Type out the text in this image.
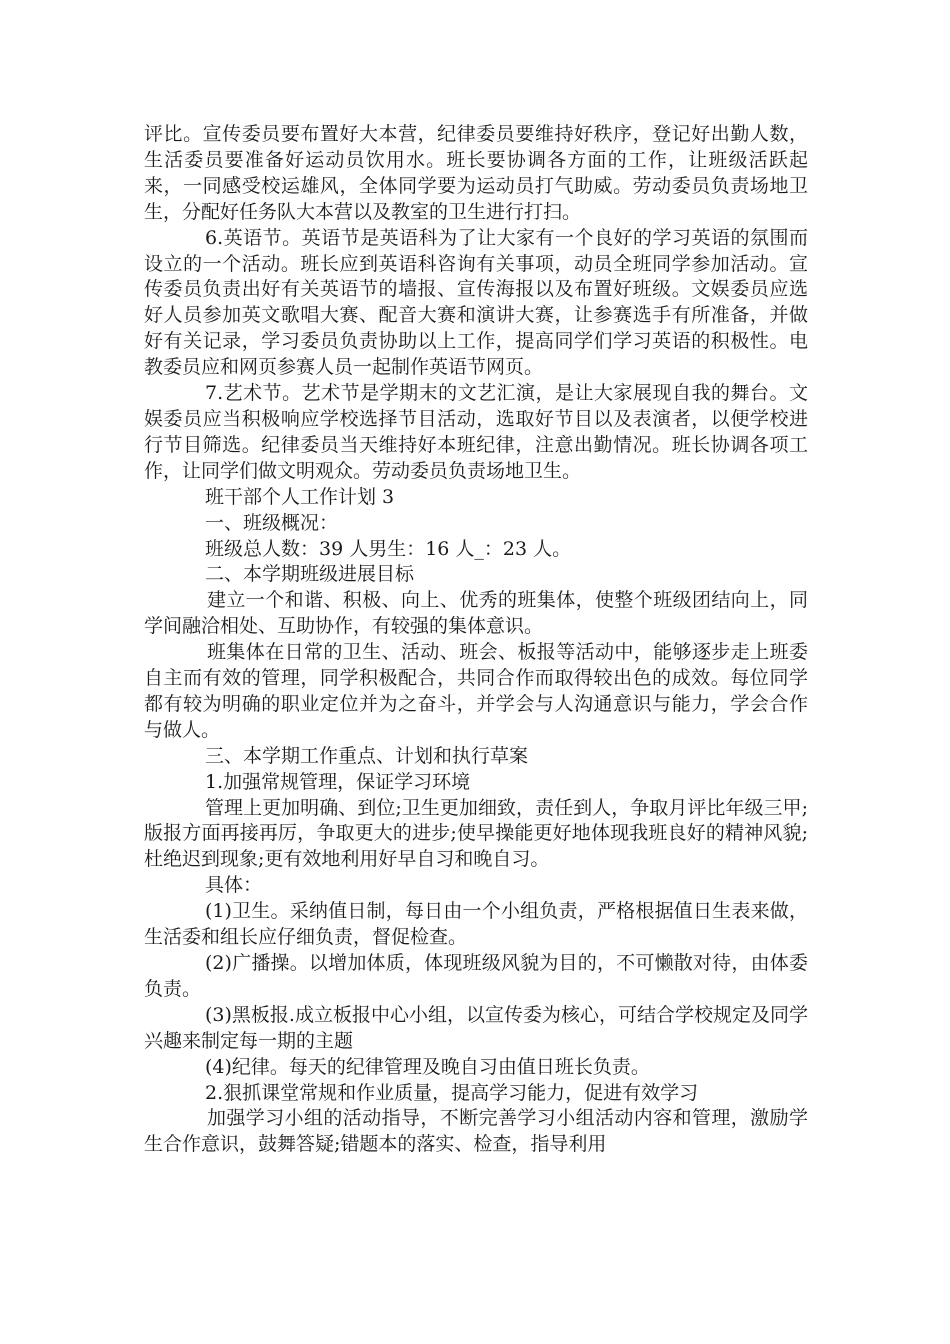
评比。宣传委员要布置好大本营，纪律委员要维持好秩序，登记好出勤人数，生活委员要准备好运动员饮用水。班长要协调各方面的工作，让班级活跃起来，一同感受校运雄风，全体同学要为运动员打气助威。劳动委员负责场地卫生，分配好任务队大本营以及教室的卫生进行打扫。

6.英语节。英语节是英语科为了让大家有一个良好的学习英语的氛围而设立的一个活动。班长应到英语科咨询有关事项，动员全班同学参加活动。宣传委员负责出好有关英语节的墙报、宣传海报以及布置好班级。文娱委员应选好人员参加英文歌唱大赛、配音大赛和演讲大赛，让参赛选手有所准备，并做好有关记录，学习委员负责协助以上工作，提高同学们学习英语的积极性。电教委员应和网页参赛人员一起制作英语节网页。

7.艺术节。艺术节是学期末的文艺汇演，是让大家展现自我的舞台。文娱委员应当积极响应学校选择节目活动，选取好节目以及表演者，以便学校进行节目筛选。纪律委员当天维持好本班纪律，注意出勤情况。班长协调各项工作，让同学们做文明观众。劳动委员负责场地卫生。

班干部个人工作计划 3

一、班级概况：

班级总人数：39 人男生：16 人_：23 人。

二、本学期班级进展目标

建立一个和谐、积极、向上、优秀的班集体，使整个班级团结向上，同学间融洽相处、互助协作，有较强的集体意识。

班集体在日常的卫生、活动、班会、板报等活动中，能够逐步走上班委自主而有效的管理，同学积极配合，共同合作而取得较出色的成效。每位同学都有较为明确的职业定位并为之奋斗，并学会与人沟通意识与能力，学会合作与做人。

三、本学期工作重点、计划和执行草案

1.加强常规管理，保证学习环境

管理上更加明确、到位;卫生更加细致，责任到人，争取月评比年级三甲;版报方面再接再厉，争取更大的进步;使早操能更好地体现我班良好的精神风貌;杜绝迟到现象;更有效地利用好早自习和晚自习。

具体：

(1)卫生。采纳值日制，每日由一个小组负责，严格根据值日生表来做，生活委和组长应仔细负责，督促检查。

(2)广播操。以增加体质，体现班级风貌为目的，不可懒散对待，由体委负责。

(3)黑板报.成立板报中心小组，以宣传委为核心，可结合学校规定及同学兴趣来制定每一期的主题

(4)纪律。每天的纪律管理及晚自习由值日班长负责。

2.狠抓课堂常规和作业质量，提高学习能力，促进有效学习

加强学习小组的活动指导，不断完善学习小组活动内容和管理，激励学生合作意识，鼓舞答疑;错题本的落实、检查，指导利用
